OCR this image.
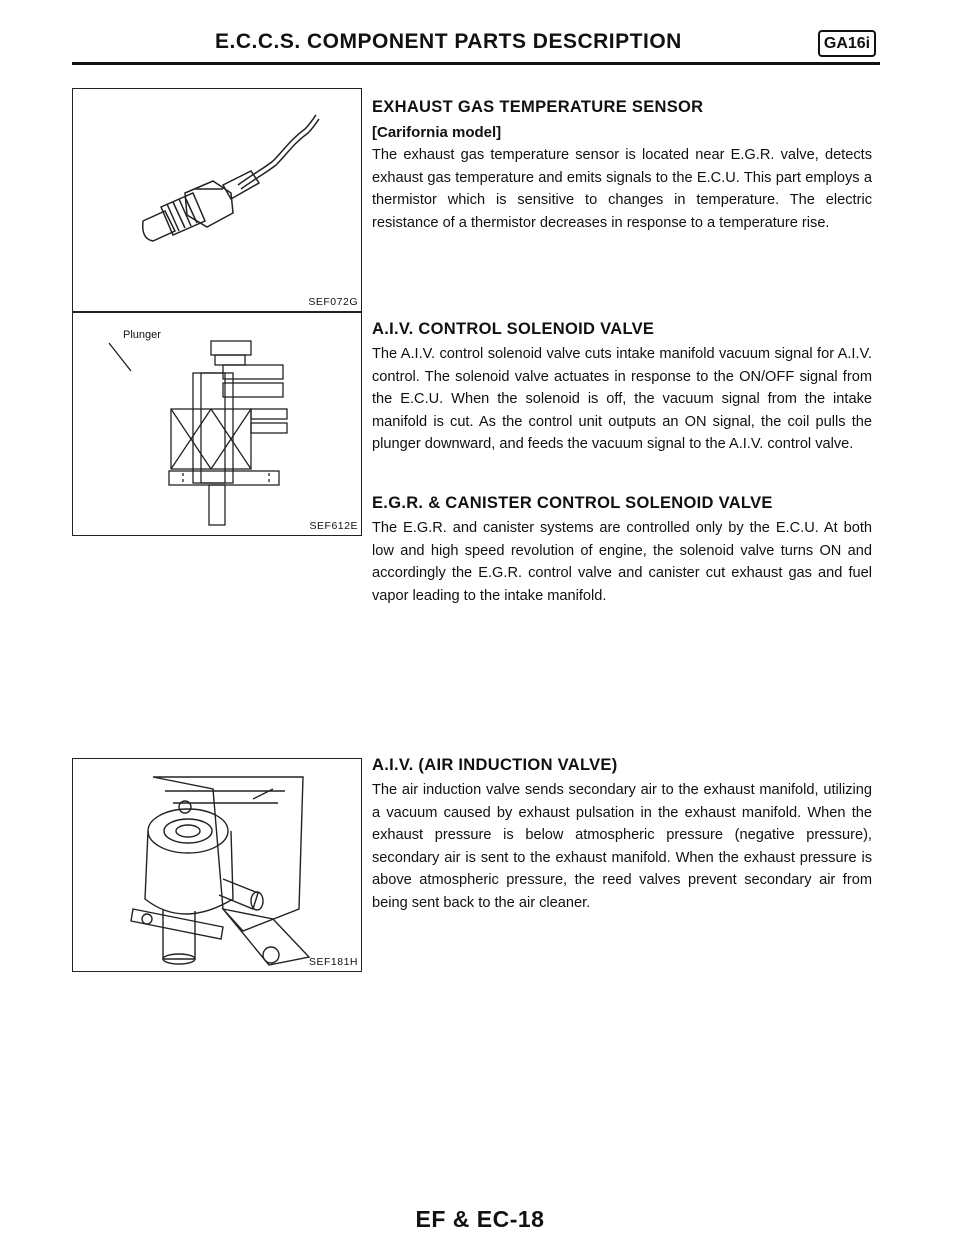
E.C.C.S. COMPONENT PARTS DESCRIPTION	GA16i
SEF072G
Plunger
SEF612E
SEF181H

EXHAUST GAS TEMPERATURE SENSOR

[Carifornia model]

The exhaust gas temperature sensor is located near E.G.R. valve, detects exhaust gas temperature and emits signals to the E.C.U. This part employs a thermistor which is sensitive to changes in temperature. The electric resistance of a thermistor decreases in response to a temperature rise.

A.I.V. CONTROL SOLENOID VALVE

The A.I.V. control solenoid valve cuts intake manifold vacuum signal for A.I.V. control. The solenoid valve actuates in response to the ON/OFF signal from the E.C.U. When the solenoid is off, the vacuum signal from the intake manifold is cut. As the control unit outputs an ON signal, the coil pulls the plunger downward, and feeds the vacuum signal to the A.I.V. control valve.

E.G.R. & CANISTER CONTROL SOLENOID VALVE

The E.G.R. and canister systems are controlled only by the E.C.U. At both low and high speed revolution of engine, the solenoid valve turns ON and accordingly the E.G.R. control valve and canister cut exhaust gas and fuel vapor leading to the intake manifold.

A.I.V. (AIR INDUCTION VALVE)

The air induction valve sends secondary air to the exhaust manifold, utilizing a vacuum caused by exhaust pulsation in the exhaust manifold. When the exhaust pressure is below atmospheric pressure (negative pressure), secondary air is sent to the exhaust manifold. When the exhaust pressure is above atmospheric pressure, the reed valves prevent secondary air from being sent back to the air cleaner.

EF & EC-18
